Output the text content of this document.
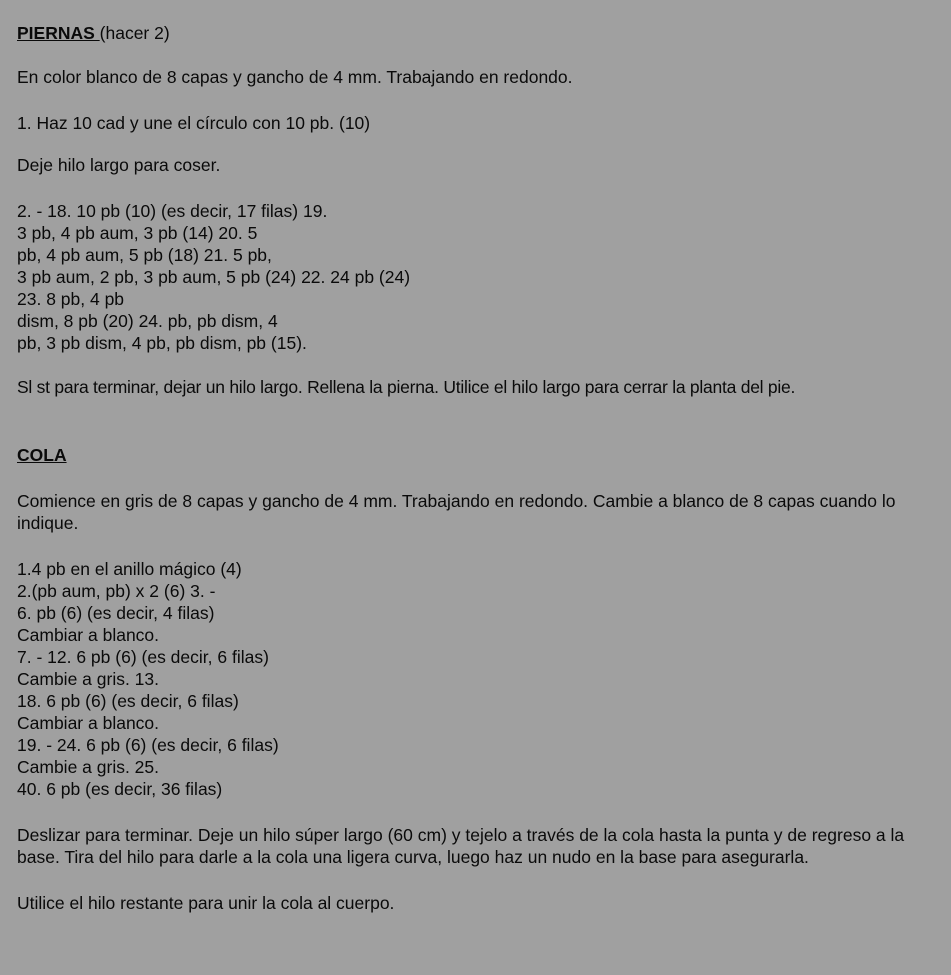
PIERNAS (hacer 2)

En color blanco de 8 capas y gancho de 4 mm. Trabajando en redondo.

1. Haz 10 cad y une el círculo con 10 pb. (10)

Deje hilo largo para coser.

2. - 18. 10 pb (10) (es decir, 17 filas) 19.

3 pb, 4 pb aum, 3 pb (14) 20. 5

pb, 4 pb aum, 5 pb (18) 21. 5 pb,

3 pb aum, 2 pb, 3 pb aum, 5 pb (24) 22. 24 pb (24)

23. 8 pb, 4 pb

dism, 8 pb (20) 24. pb, pb dism, 4

pb, 3 pb dism, 4 pb, pb dism, pb (15).

Sl st para terminar, dejar un hilo largo. Rellena la pierna. Utilice el hilo largo para cerrar la planta del pie.

COLA

Comience en gris de 8 capas y gancho de 4 mm. Trabajando en redondo. Cambie a blanco de 8 capas cuando lo indique.

1.4 pb en el anillo mágico (4)

2.(pb aum, pb) x 2 (6) 3. -

6. pb (6) (es decir, 4 filas)

Cambiar a blanco.

7. - 12. 6 pb (6) (es decir, 6 filas)

Cambie a gris. 13.

18. 6 pb (6) (es decir, 6 filas)

Cambiar a blanco.

19. - 24. 6 pb (6) (es decir, 6 filas)

Cambie a gris. 25.

40. 6 pb (es decir, 36 filas)

Deslizar para terminar. Deje un hilo súper largo (60 cm) y tejelo a través de la cola hasta la punta y de regreso a la base. Tira del hilo para darle a la cola una ligera curva, luego haz un nudo en la base para asegurarla.

Utilice el hilo restante para unir la cola al cuerpo.
